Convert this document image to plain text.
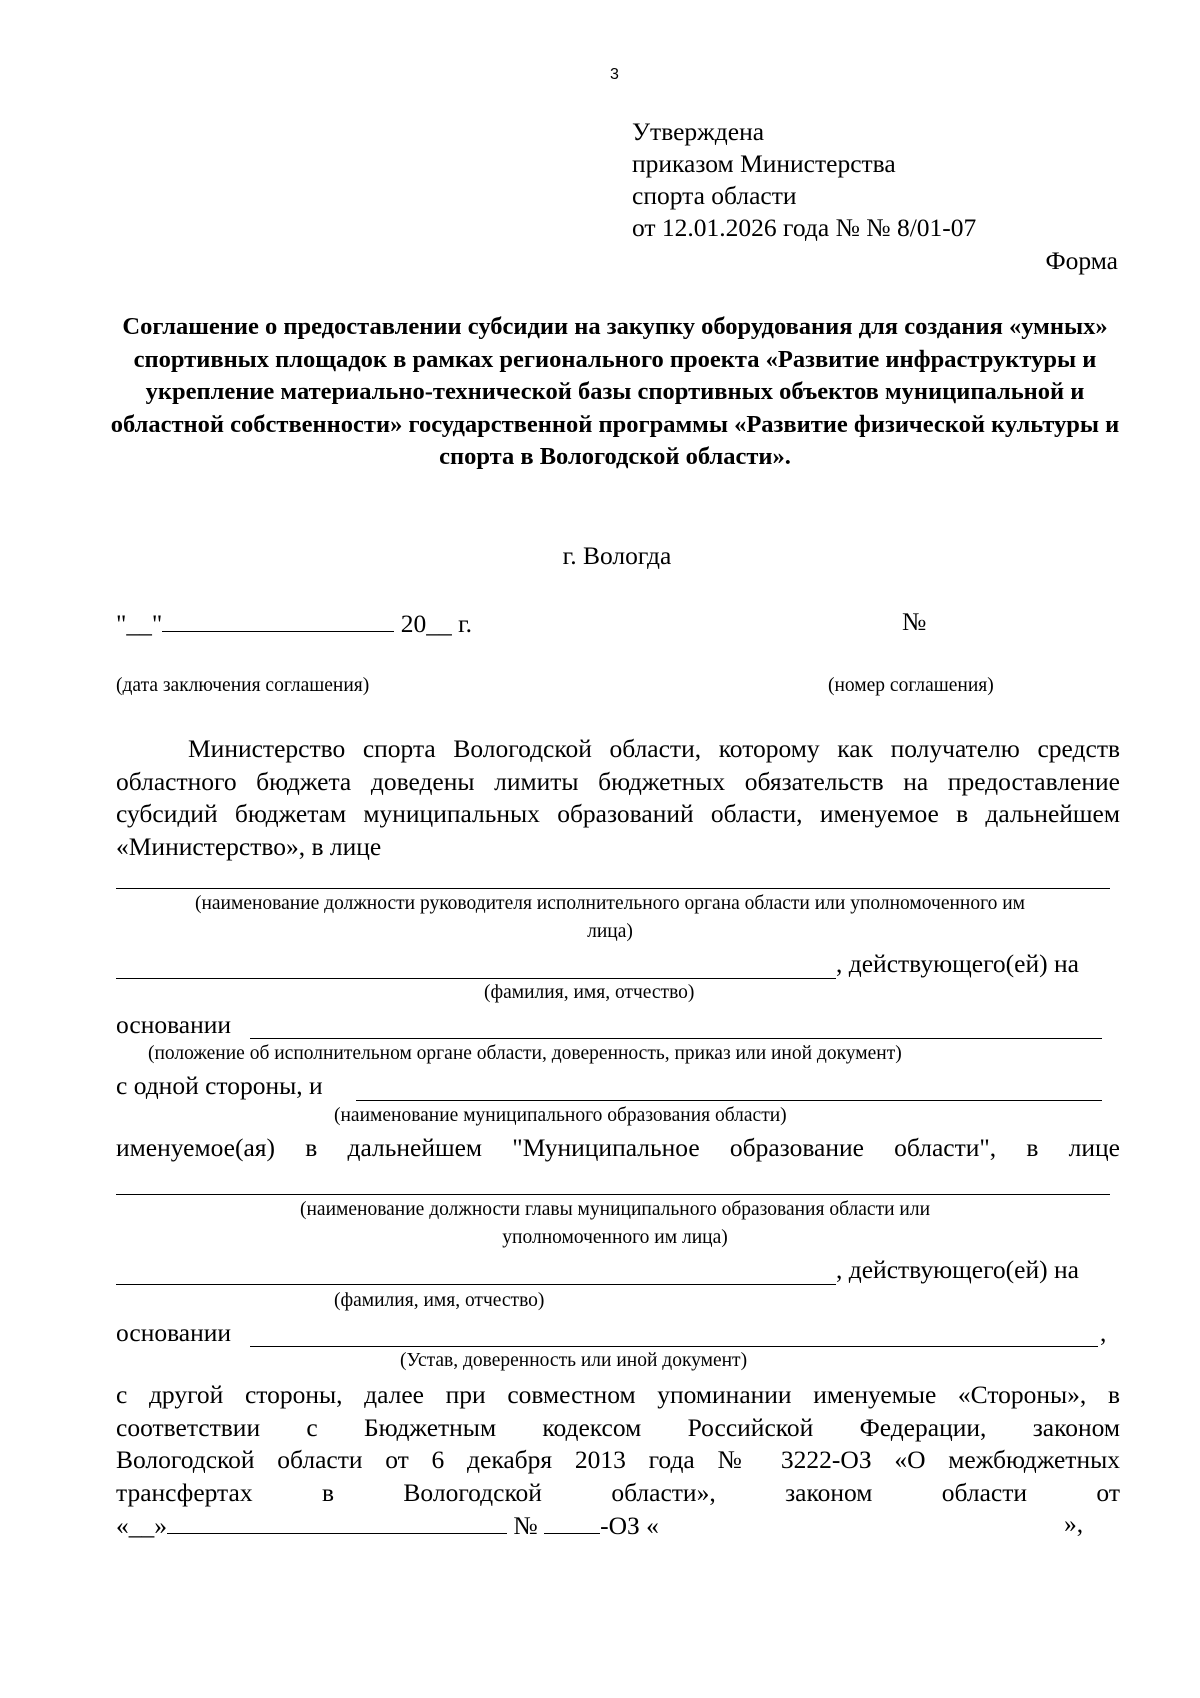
3
Утверждена
приказом Министерства
спорта области
от 12.01.2026 года № № 8/01-07
Форма
Соглашение о предоставлении субсидии на закупку оборудования для создания «умных» спортивных площадок в рамках регионального проекта «Развитие инфраструктуры и укрепление материально-технической базы спортивных объектов муниципальной и областной собственности» государственной программы «Развитие физической культуры и спорта в Вологодской области».
г. Вологда
"__"	20__ г.	№
(дата заключения соглашения)	(номер соглашения)

Министерство спорта Вологодской области, которому как получателю средств областного бюджета доведены лимиты бюджетных обязательств на предоставление субсидий бюджетам муниципальных образований области, именуемое в дальнейшем «Министерство», в лице

(наименование должности руководителя исполнительного органа области или уполномоченного им лица)
, действующего(ей) на
(фамилия, имя, отчество)
основании
(положение об исполнительном органе области, доверенность, приказ или иной документ)
с одной стороны, и
(наименование муниципального образования области)
именуемое(ая) в дальнейшем "Муниципальное образование области", в лице
(наименование должности главы муниципального образования области или уполномоченного им лица)
, действующего(ей) на
(фамилия, имя, отчество)
основании	,
(Устав, доверенность или иной документ)
с другой стороны, далее при совместном упоминании именуемые «Стороны», в
соответствии с Бюджетным кодексом Российской Федерации, законом
Вологодской области от 6 декабря 2013 года № 3222-ОЗ «О межбюджетных
трансфертах в Вологодской области», законом области от
«__»	№ -ОЗ «	»,
